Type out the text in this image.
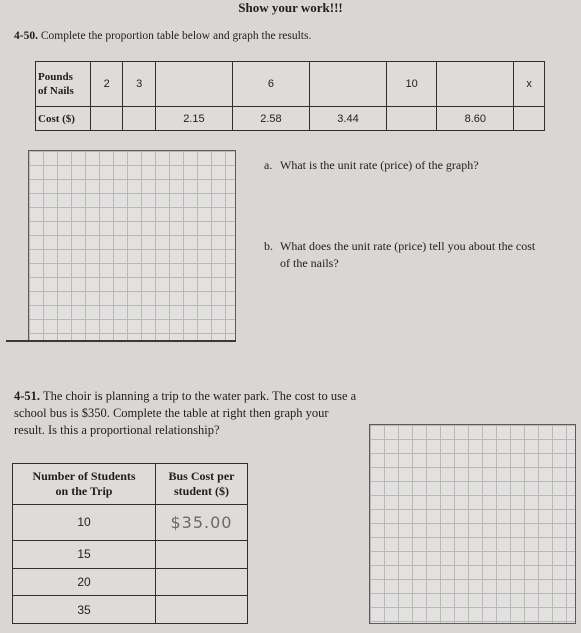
Show your work!!!
4-50. Complete the proportion table below and graph the results.
Pounds
of Nails	2	3		6		10		x
Cost ($)			2.15	2.58	3.44		8.60	
a. What is the unit rate (price) of the graph?
b. What does the unit rate (price) tell you about the cost of the nails?
4-51. The choir is planning a trip to the water park. The cost to use a school bus is $350. Complete the table at right then graph your result. Is this a proportional relationship?
Number of Students
on the Trip	Bus Cost per
student ($)
10	$35.00
15	
20	
35	
